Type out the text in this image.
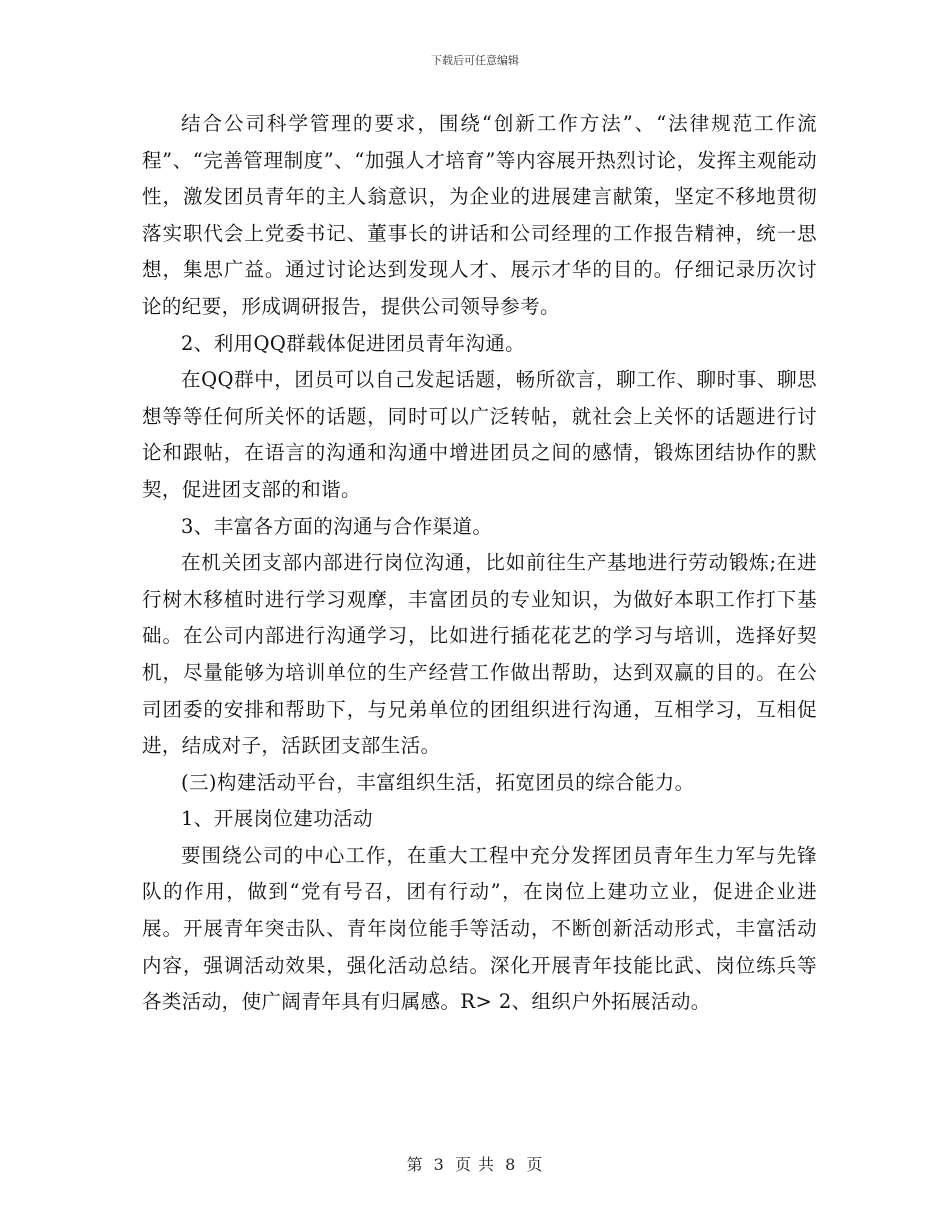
下载后可任意编辑

结合公司科学管理的要求，围绕“创新工作方法”、“法律规范工作流程”、“完善管理制度”、“加强人才培育”等内容展开热烈讨论，发挥主观能动性，激发团员青年的主人翁意识，为企业的进展建言献策，坚定不移地贯彻落实职代会上党委书记、董事长的讲话和公司经理的工作报告精神，统一思想，集思广益。通过讨论达到发现人才、展示才华的目的。仔细记录历次讨论的纪要，形成调研报告，提供公司领导参考。

2、利用QQ群载体促进团员青年沟通。

在QQ群中，团员可以自己发起话题，畅所欲言，聊工作、聊时事、聊思想等等任何所关怀的话题，同时可以广泛转帖，就社会上关怀的话题进行讨论和跟帖，在语言的沟通和沟通中增进团员之间的感情，锻炼团结协作的默契，促进团支部的和谐。

3、丰富各方面的沟通与合作渠道。

在机关团支部内部进行岗位沟通，比如前往生产基地进行劳动锻炼;在进行树木移植时进行学习观摩，丰富团员的专业知识，为做好本职工作打下基础。在公司内部进行沟通学习，比如进行插花花艺的学习与培训，选择好契机，尽量能够为培训单位的生产经营工作做出帮助，达到双赢的目的。在公司团委的安排和帮助下，与兄弟单位的团组织进行沟通，互相学习，互相促进，结成对子，活跃团支部生活。

(三)构建活动平台，丰富组织生活，拓宽团员的综合能力。

1、开展岗位建功活动

要围绕公司的中心工作，在重大工程中充分发挥团员青年生力军与先锋队的作用，做到“党有号召，团有行动”，在岗位上建功立业，促进企业进展。开展青年突击队、青年岗位能手等活动，不断创新活动形式，丰富活动内容，强调活动效果，强化活动总结。深化开展青年技能比武、岗位练兵等各类活动，使广阔青年具有归属感。R> 2、组织户外拓展活动。

第 3 页 共 8 页
